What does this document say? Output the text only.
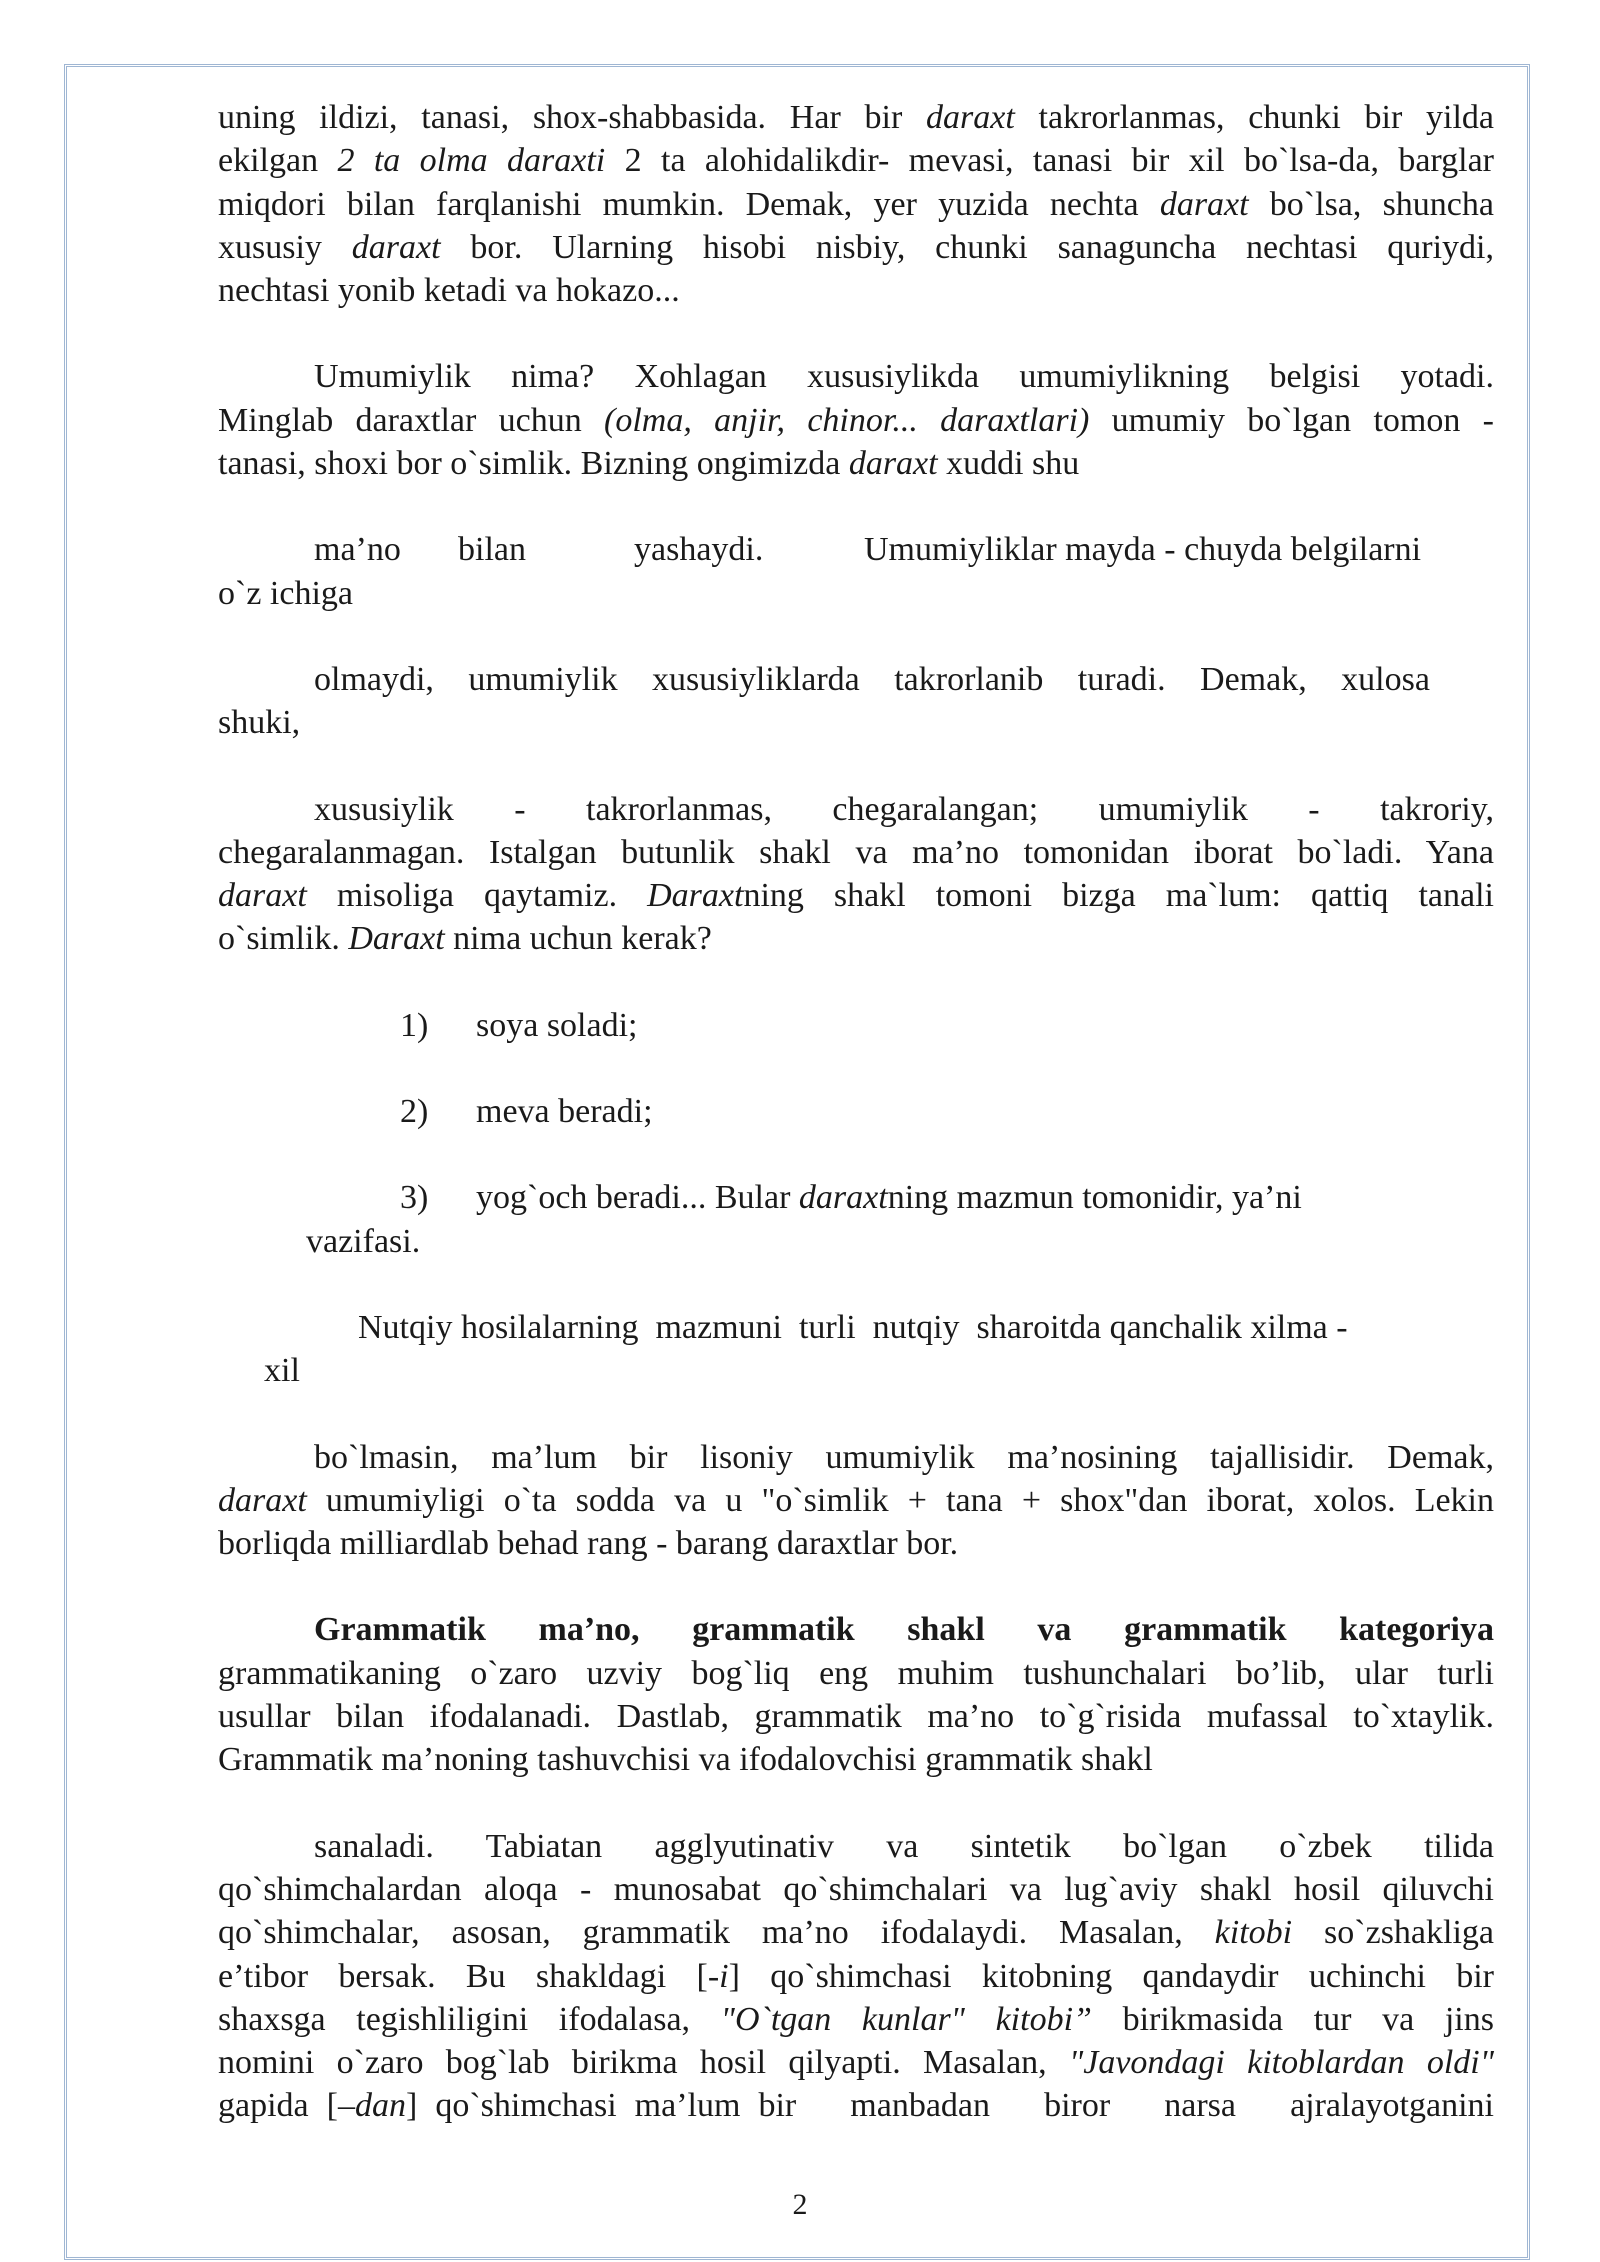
uning ildizi, tanasi, shox-shabbasida. Har bir daraxt takrorlanmas, chunki bir yilda
ekilgan 2 ta olma daraxti 2 ta alohidalikdir- mevasi, tanasi bir xil bo`lsa-da, barglar
miqdori bilan farqlanishi mumkin. Demak, yer yuzida nechta daraxt bo`lsa, shuncha
xususiy daraxt bor. Ularning hisobi nisbiy, chunki sanaguncha nechtasi quriydi,
nechtasi yonib ketadi va hokazo...
Umumiylik nima? Xohlagan xususiylikda umumiylikning belgisi yotadi.
Minglab daraxtlar uchun (olma, anjir, chinor... daraxtlari) umumiy bo`lgan tomon -
tanasi, shoxi bor o`simlik. Bizning ongimizda daraxt xuddi shu
ma’no	bilan	yashaydi.	Umumiyliklar mayda - chuyda belgilarni
o`z ichiga
olmaydi, umumiylik xususiyliklarda takrorlanib turadi. Demak, xulosa
shuki,
xususiylik   -   takrorlanmas,   chegaralangan;   umumiylik   -   takroriy,
chegaralanmagan. Istalgan butunlik shakl va ma’no tomonidan iborat bo`ladi. Yana
daraxt misoliga qaytamiz. Daraxtning shakl tomoni bizga ma`lum: qattiq tanali
o`simlik. Daraxt nima uchun kerak?
1)	soya soladi;
2)	meva beradi;
3)	yog`och beradi... Bular daraxtning mazmun tomonidir, ya’ni
vazifasi.
Nutqiy hosilalarning  mazmuni  turli  nutqiy  sharoitda qanchalik xilma -
xil
bo`lmasin, ma’lum bir lisoniy umumiylik ma’nosining tajallisidir. Demak,
daraxt umumiyligi o`ta sodda va u "o`simlik + tana + shox"dan iborat, xolos. Lekin
borliqda milliardlab behad rang - barang daraxtlar bor.
Grammatik   ma’no,   grammatik   shakl   va   grammatik   kategoriya
grammatikaning o`zaro uzviy bog`liq eng muhim tushunchalari bo’lib, ular turli
usullar bilan ifodalanadi. Dastlab, grammatik ma’no to`g`risida mufassal to`xtaylik.
Grammatik ma’noning tashuvchisi va ifodalovchisi grammatik shakl
sanaladi. Tabiatan agglyutinativ va sintetik bo`lgan o`zbek tilida
qo`shimchalardan aloqa - munosabat qo`shimchalari va lug`aviy shakl hosil qiluvchi
qo`shimchalar, asosan, grammatik ma’no ifodalaydi. Masalan, kitobi so`zshakliga
e’tibor bersak. Bu shakldagi [-i] qo`shimchasi kitobning qandaydir uchinchi bir
shaxsga tegishliligini ifodalasa, "O`tgan kunlar" kitobi” birikmasida tur va jins
nomini o`zaro bog`lab birikma hosil qilyapti. Masalan, "Javondagi kitoblardan oldi"
gapida [–dan] qo`shimchasi ma’lum bir   manbadan   biror   narsa   ajralayotganini
2
